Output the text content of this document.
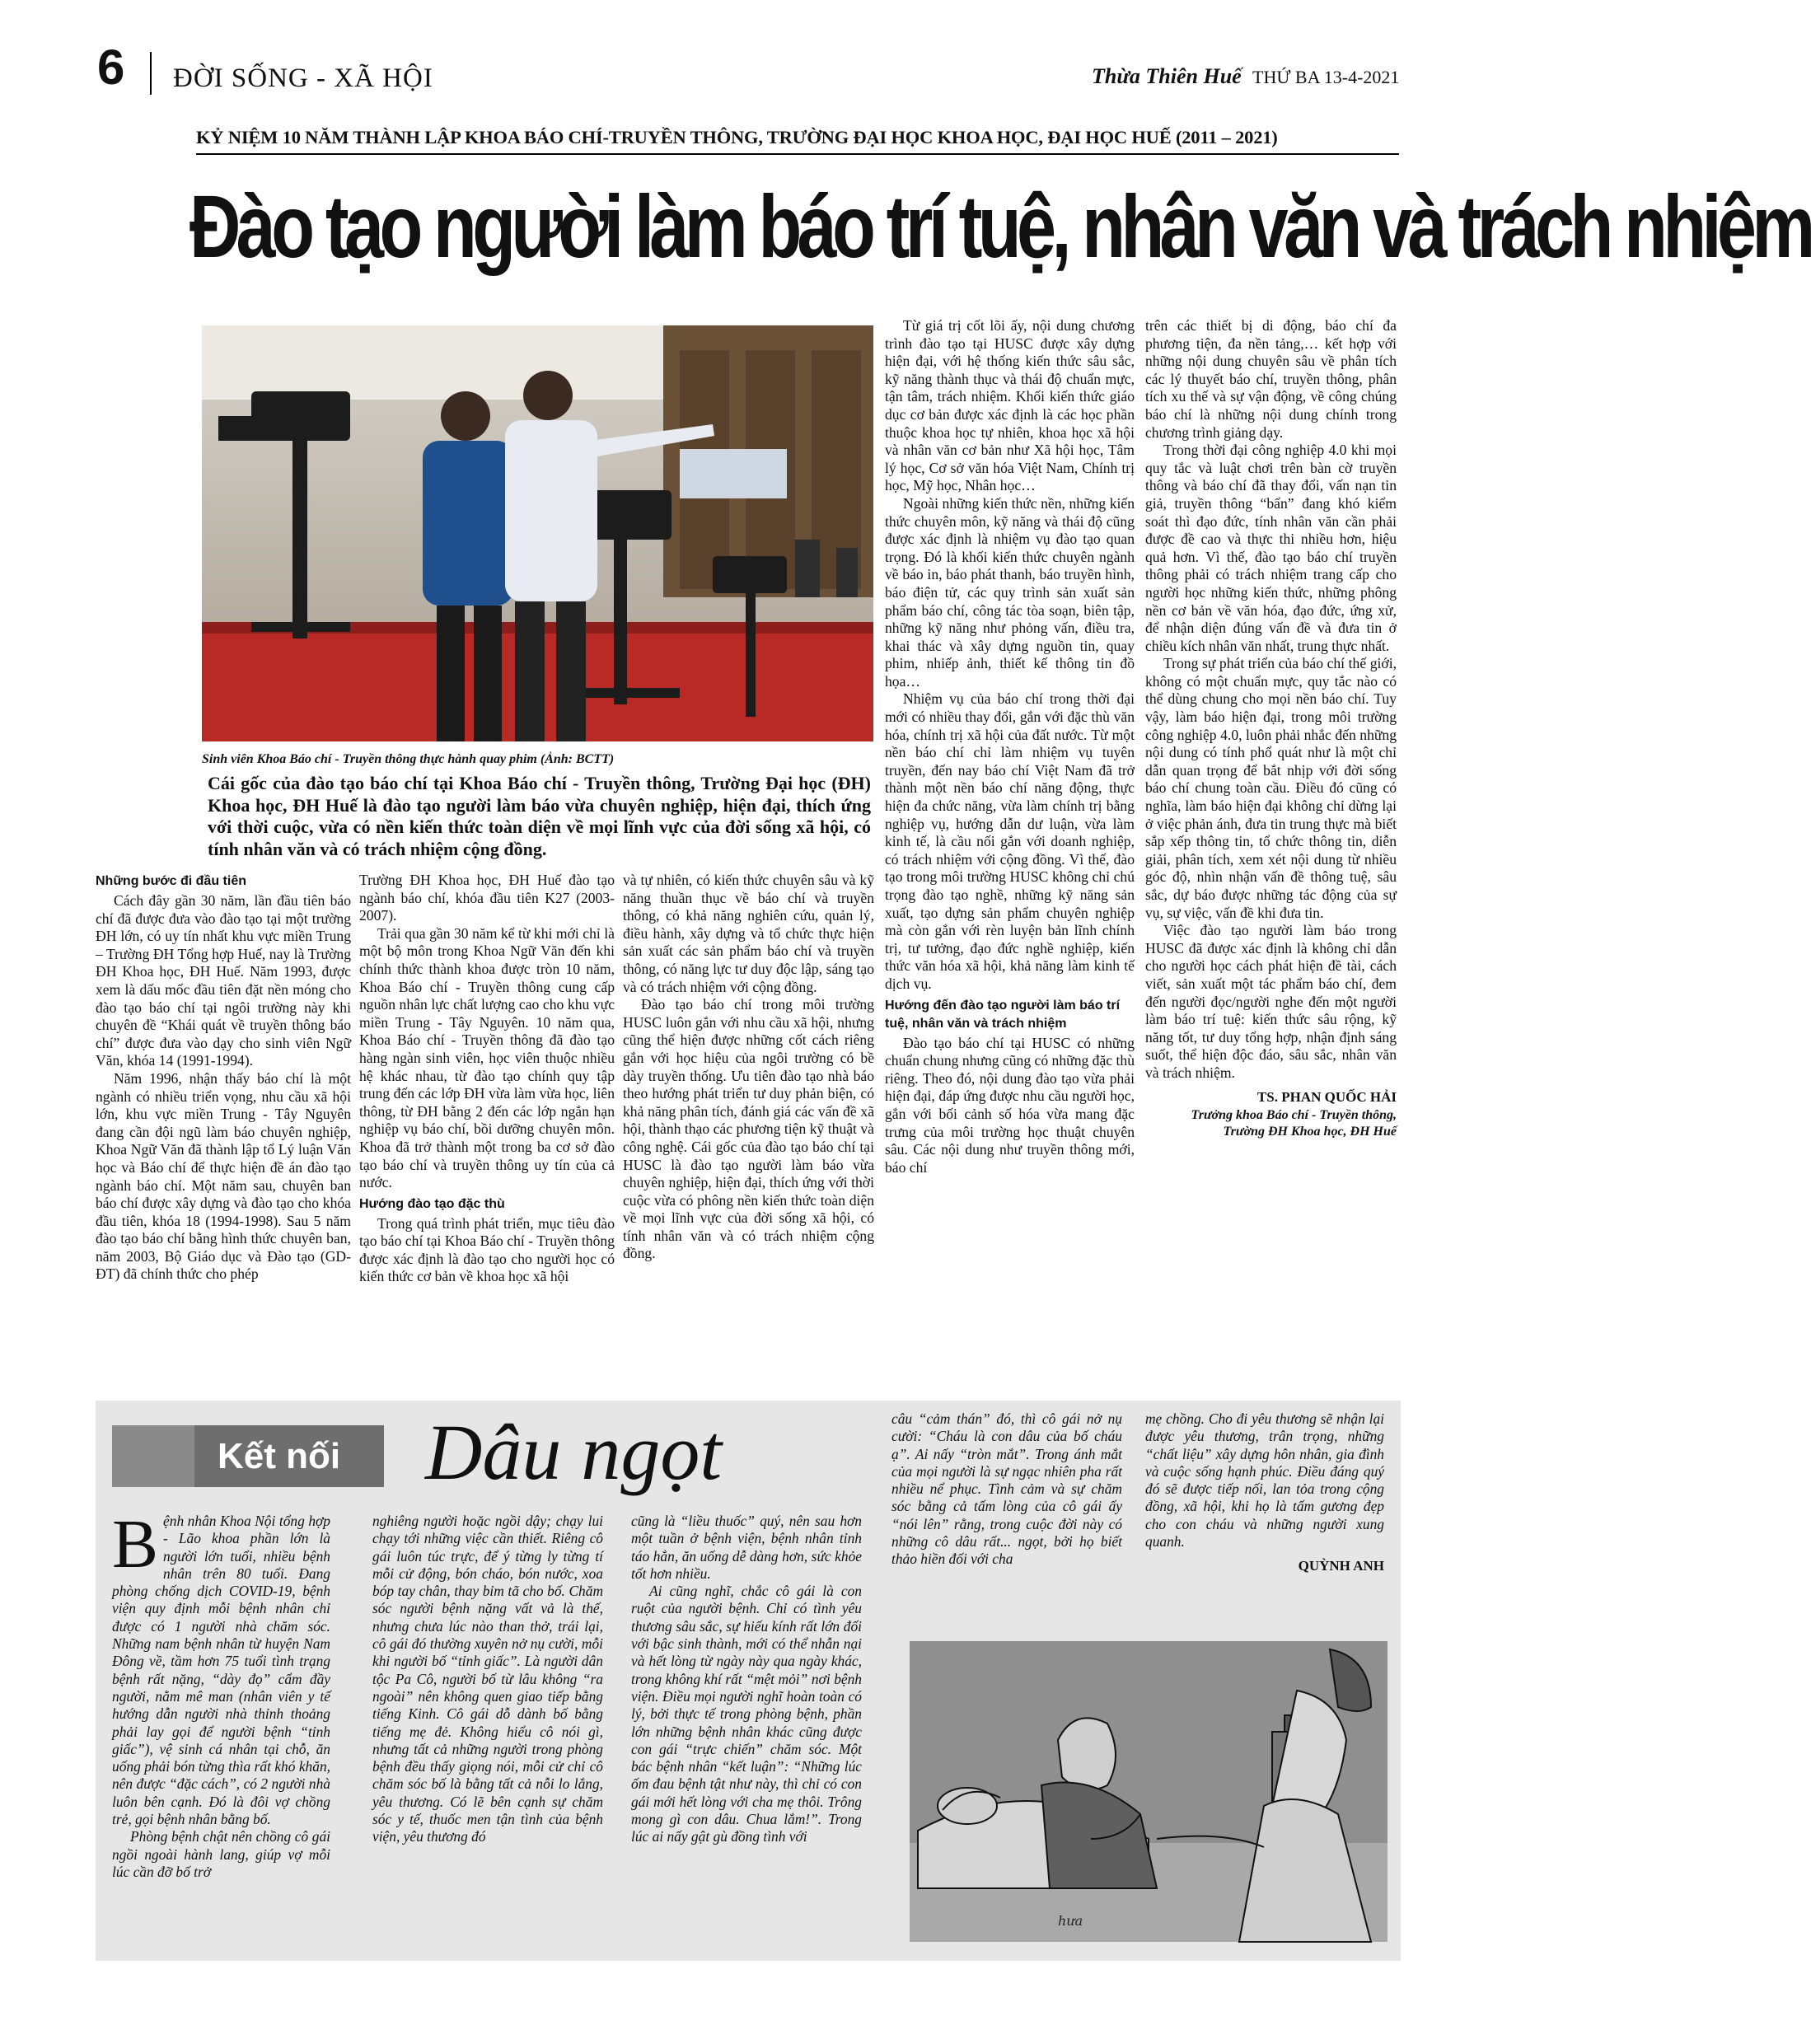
6 ĐỜI SỐNG - XÃ HỘI	Thừa Thiên Huế THỨ BA 13-4-2021
KỶ NIỆM 10 NĂM THÀNH LẬP KHOA BÁO CHÍ-TRUYỀN THÔNG, TRƯỜNG ĐẠI HỌC KHOA HỌC, ĐẠI HỌC HUẾ (2011 – 2021)
Đào tạo người làm báo trí tuệ, nhân văn và trách nhiệm
Sinh viên Khoa Báo chí - Truyền thông thực hành quay phim (Ảnh: BCTT)
Cái gốc của đào tạo báo chí tại Khoa Báo chí - Truyền thông, Trường Đại học (ĐH) Khoa học, ĐH Huế là đào tạo người làm báo vừa chuyên nghiệp, hiện đại, thích ứng với thời cuộc, vừa có nền kiến thức toàn diện về mọi lĩnh vực của đời sống xã hội, có tính nhân văn và có trách nhiệm cộng đồng.
Những bước đi đầu tiên

Cách đây gần 30 năm, lần đầu tiên báo chí đã được đưa vào đào tạo tại một trường ĐH lớn, có uy tín nhất khu vực miền Trung – Trường ĐH Tổng hợp Huế, nay là Trường ĐH Khoa học, ĐH Huế. Năm 1993, được xem là dấu mốc đầu tiên đặt nền móng cho đào tạo báo chí tại ngôi trường này khi chuyên đề “Khái quát về truyền thông báo chí” được đưa vào dạy cho sinh viên Ngữ Văn, khóa 14 (1991-1994).

Năm 1996, nhận thấy báo chí là một ngành có nhiều triển vọng, nhu cầu xã hội lớn, khu vực miền Trung - Tây Nguyên đang cần đội ngũ làm báo chuyên nghiệp, Khoa Ngữ Văn đã thành lập tổ Lý luận Văn học và Báo chí để thực hiện đề án đào tạo ngành báo chí. Một năm sau, chuyên ban báo chí được xây dựng và đào tạo cho khóa đầu tiên, khóa 18 (1994-1998). Sau 5 năm đào tạo báo chí bằng hình thức chuyên ban, năm 2003, Bộ Giáo dục và Đào tạo (GD-ĐT) đã chính thức cho phép

Trường ĐH Khoa học, ĐH Huế đào tạo ngành báo chí, khóa đầu tiên K27 (2003-2007).

Trải qua gần 30 năm kể từ khi mới chỉ là một bộ môn trong Khoa Ngữ Văn đến khi chính thức thành khoa được tròn 10 năm, Khoa Báo chí - Truyền thông cung cấp nguồn nhân lực chất lượng cao cho khu vực miền Trung - Tây Nguyên. 10 năm qua, Khoa Báo chí - Truyền thông đã đào tạo hàng ngàn sinh viên, học viên thuộc nhiều hệ khác nhau, từ đào tạo chính quy tập trung đến các lớp ĐH vừa làm vừa học, liên thông, từ ĐH bằng 2 đến các lớp ngắn hạn nghiệp vụ báo chí, bồi dưỡng chuyên môn. Khoa đã trở thành một trong ba cơ sở đào tạo báo chí và truyền thông uy tín của cả nước.

Hướng đào tạo đặc thù

Trong quá trình phát triển, mục tiêu đào tạo báo chí tại Khoa Báo chí - Truyền thông được xác định là đào tạo cho người học có kiến thức cơ bản về khoa học xã hội

và tự nhiên, có kiến thức chuyên sâu và kỹ năng thuần thục về báo chí và truyền thông, có khả năng nghiên cứu, quản lý, điều hành, xây dựng và tổ chức thực hiện sản xuất các sản phẩm báo chí và truyền thông, có năng lực tư duy độc lập, sáng tạo và có trách nhiệm với cộng đồng.

Đào tạo báo chí trong môi trường HUSC luôn gắn với nhu cầu xã hội, nhưng cũng thể hiện được những cốt cách riêng gắn với học hiệu của ngôi trường có bề dày truyền thống. Ưu tiên đào tạo nhà báo theo hướng phát triển tư duy phản biện, có khả năng phân tích, đánh giá các vấn đề xã hội, thành thạo các phương tiện kỹ thuật và công nghệ. Cái gốc của đào tạo báo chí tại HUSC là đào tạo người làm báo vừa chuyên nghiệp, hiện đại, thích ứng với thời cuộc vừa có phông nền kiến thức toàn diện về mọi lĩnh vực của đời sống xã hội, có tính nhân văn và có trách nhiệm cộng đồng.

Từ giá trị cốt lõi ấy, nội dung chương trình đào tạo tại HUSC được xây dựng hiện đại, với hệ thống kiến thức sâu sắc, kỹ năng thành thục và thái độ chuẩn mực, tận tâm, trách nhiệm. Khối kiến thức giáo dục cơ bản được xác định là các học phần thuộc khoa học tự nhiên, khoa học xã hội và nhân văn cơ bản như Xã hội học, Tâm lý học, Cơ sở văn hóa Việt Nam, Chính trị học, Mỹ học, Nhân học…

Ngoài những kiến thức nền, những kiến thức chuyên môn, kỹ năng và thái độ cũng được xác định là nhiệm vụ đào tạo quan trọng. Đó là khối kiến thức chuyên ngành về báo in, báo phát thanh, báo truyền hình, báo điện tử, các quy trình sản xuất sản phẩm báo chí, công tác tòa soạn, biên tập, những kỹ năng như phỏng vấn, điều tra, khai thác và xây dựng nguồn tin, quay phim, nhiếp ảnh, thiết kế thông tin đồ họa…

Nhiệm vụ của báo chí trong thời đại mới có nhiều thay đổi, gắn với đặc thù văn hóa, chính trị xã hội của đất nước. Từ một nền báo chí chỉ làm nhiệm vụ tuyên truyền, đến nay báo chí Việt Nam đã trở thành một nền báo chí năng động, thực hiện đa chức năng, vừa làm chính trị bằng nghiệp vụ, hướng dẫn dư luận, vừa làm kinh tế, là cầu nối gắn với doanh nghiệp, có trách nhiệm với cộng đồng. Vì thế, đào tạo trong môi trường HUSC không chỉ chú trọng đào tạo nghề, những kỹ năng sản xuất, tạo dựng sản phẩm chuyên nghiệp mà còn gắn với rèn luyện bản lĩnh chính trị, tư tưởng, đạo đức nghề nghiệp, kiến thức văn hóa xã hội, khả năng làm kinh tế dịch vụ.

Hướng đến đào tạo người làm báo trí tuệ, nhân văn và trách nhiệm

Đào tạo báo chí tại HUSC có những chuẩn chung nhưng cũng có những đặc thù riêng. Theo đó, nội dung đào tạo vừa phải hiện đại, đáp ứng được nhu cầu người học, gắn với bối cảnh số hóa vừa mang đặc trưng của môi trường học thuật chuyên sâu. Các nội dung như truyền thông mới, báo chí

trên các thiết bị di động, báo chí đa phương tiện, đa nền tảng,… kết hợp với những nội dung chuyên sâu về phân tích các lý thuyết báo chí, truyền thông, phân tích xu thế và sự vận động, về công chúng báo chí là những nội dung chính trong chương trình giảng dạy.

Trong thời đại công nghiệp 4.0 khi mọi quy tắc và luật chơi trên bàn cờ truyền thông và báo chí đã thay đổi, vấn nạn tin giả, truyền thông “bẩn” đang khó kiểm soát thì đạo đức, tính nhân văn cần phải được đề cao và thực thi nhiều hơn, hiệu quả hơn. Vì thế, đào tạo báo chí truyền thông phải có trách nhiệm trang cấp cho người học những kiến thức, những phông nền cơ bản về văn hóa, đạo đức, ứng xử, để nhận diện đúng vấn đề và đưa tin ở chiều kích nhân văn nhất, trung thực nhất.

Trong sự phát triển của báo chí thế giới, không có một chuẩn mực, quy tắc nào có thể dùng chung cho mọi nền báo chí. Tuy vậy, làm báo hiện đại, trong môi trường công nghiệp 4.0, luôn phải nhắc đến những nội dung có tính phổ quát như là một chỉ dẫn quan trọng để bắt nhịp với đời sống báo chí chung toàn cầu. Điều đó cũng có nghĩa, làm báo hiện đại không chỉ dừng lại ở việc phản ánh, đưa tin trung thực mà biết sắp xếp thông tin, tổ chức thông tin, diễn giải, phân tích, xem xét nội dung từ nhiều góc độ, nhìn nhận vấn đề thông tuệ, sâu sắc, dự báo được những tác động của sự vụ, sự việc, vấn đề khi đưa tin.

Việc đào tạo người làm báo trong HUSC đã được xác định là không chỉ dẫn cho người học cách phát hiện đề tài, cách viết, sản xuất một tác phẩm báo chí, đem đến người đọc/người nghe đến một người làm báo trí tuệ: kiến thức sâu rộng, kỹ năng tốt, tư duy tổng hợp, nhận định sáng suốt, thể hiện độc đáo, sâu sắc, nhân văn và trách nhiệm.

TS. PHAN QUỐC HẢI
Trưởng khoa Báo chí - Truyền thông,
Trường ĐH Khoa học, ĐH Huế
Kết nối Dâu ngọt

Bệnh nhân Khoa Nội tổng hợp - Lão khoa phần lớn là người lớn tuổi, nhiều bệnh nhân trên 80 tuổi. Đang phòng chống dịch COVID-19, bệnh viện quy định mỗi bệnh nhân chỉ được có 1 người nhà chăm sóc. Những nam bệnh nhân từ huyện Nam Đông về, tầm hơn 75 tuổi tình trạng bệnh rất nặng, “dày đọ” cẩm đầy người, nằm mê man (nhân viên y tế hướng dẫn người nhà thỉnh thoảng phải lay gọi để người bệnh “tỉnh giấc”), vệ sinh cá nhân tại chỗ, ăn uống phải bón từng thìa rất khó khăn, nên được “đặc cách”, có 2 người nhà luôn bên cạnh. Đó là đôi vợ chồng trẻ, gọi bệnh nhân bằng bố.

Phòng bệnh chật nên chồng cô gái ngồi ngoài hành lang, giúp vợ mỗi lúc cần đỡ bố trở

nghiêng người hoặc ngồi dậy; chạy lui chạy tới những việc cần thiết. Riêng cô gái luôn túc trực, để ý từng ly từng tí mỗi cử động, bón cháo, bón nước, xoa bóp tay chân, thay bỉm tã cho bố. Chăm sóc người bệnh nặng vất vả là thế, nhưng chưa lúc nào than thở, trái lại, cô gái đó thường xuyên nở nụ cười, mỗi khi người bố “tỉnh giấc”. Là người dân tộc Pa Cô, người bố từ lâu không “ra ngoài” nên không quen giao tiếp bằng tiếng Kinh. Cô gái dỗ dành bố bằng tiếng mẹ đẻ. Không hiểu cô nói gì, nhưng tất cả những người trong phòng bệnh đều thấy giọng nói, mỗi cử chỉ cô chăm sóc bố là bằng tất cả nỗi lo lắng, yêu thương. Có lẽ bên cạnh sự chăm sóc y tế, thuốc men tận tình của bệnh viện, yêu thương đó

cũng là “liều thuốc” quý, nên sau hơn một tuần ở bệnh viện, bệnh nhân tỉnh táo hẳn, ăn uống dễ dàng hơn, sức khỏe tốt hơn nhiều.

Ai cũng nghĩ, chắc cô gái là con ruột của người bệnh. Chỉ có tình yêu thương sâu sắc, sự hiếu kính rất lớn đối với bậc sinh thành, mới có thể nhẫn nại và hết lòng từ ngày này qua ngày khác, trong không khí rất “mệt mỏi” nơi bệnh viện. Điều mọi người nghĩ hoàn toàn có lý, bởi thực tế trong phòng bệnh, phần lớn những bệnh nhân khác cũng được con gái “trực chiến” chăm sóc. Một bác bệnh nhân “kết luận”: “Những lúc ốm đau bệnh tật như này, thì chỉ có con gái mới hết lòng với cha mẹ thôi. Trông mong gì con dâu. Chua lắm!”. Trong lúc ai nấy gật gù đồng tình với

câu “cảm thán” đó, thì cô gái nở nụ cười: “Cháu là con dâu của bố cháu ạ”. Ai nấy “tròn mắt”. Trong ánh mắt của mọi người là sự ngạc nhiên pha rất nhiều nể phục. Tình cảm và sự chăm sóc bằng cả tấm lòng của cô gái ấy “nói lên” rằng, trong cuộc đời này có những cô dâu rất... ngọt, bởi họ biết thảo hiền đối với cha

mẹ chồng. Cho đi yêu thương sẽ nhận lại được yêu thương, trân trọng, những “chất liệu” xây dựng hôn nhân, gia đình và cuộc sống hạnh phúc. Điều đáng quý đó sẽ được tiếp nối, lan tỏa trong cộng đồng, xã hội, khi họ là tấm gương đẹp cho con cháu và những người xung quanh.

QUỲNH ANH
hưa
